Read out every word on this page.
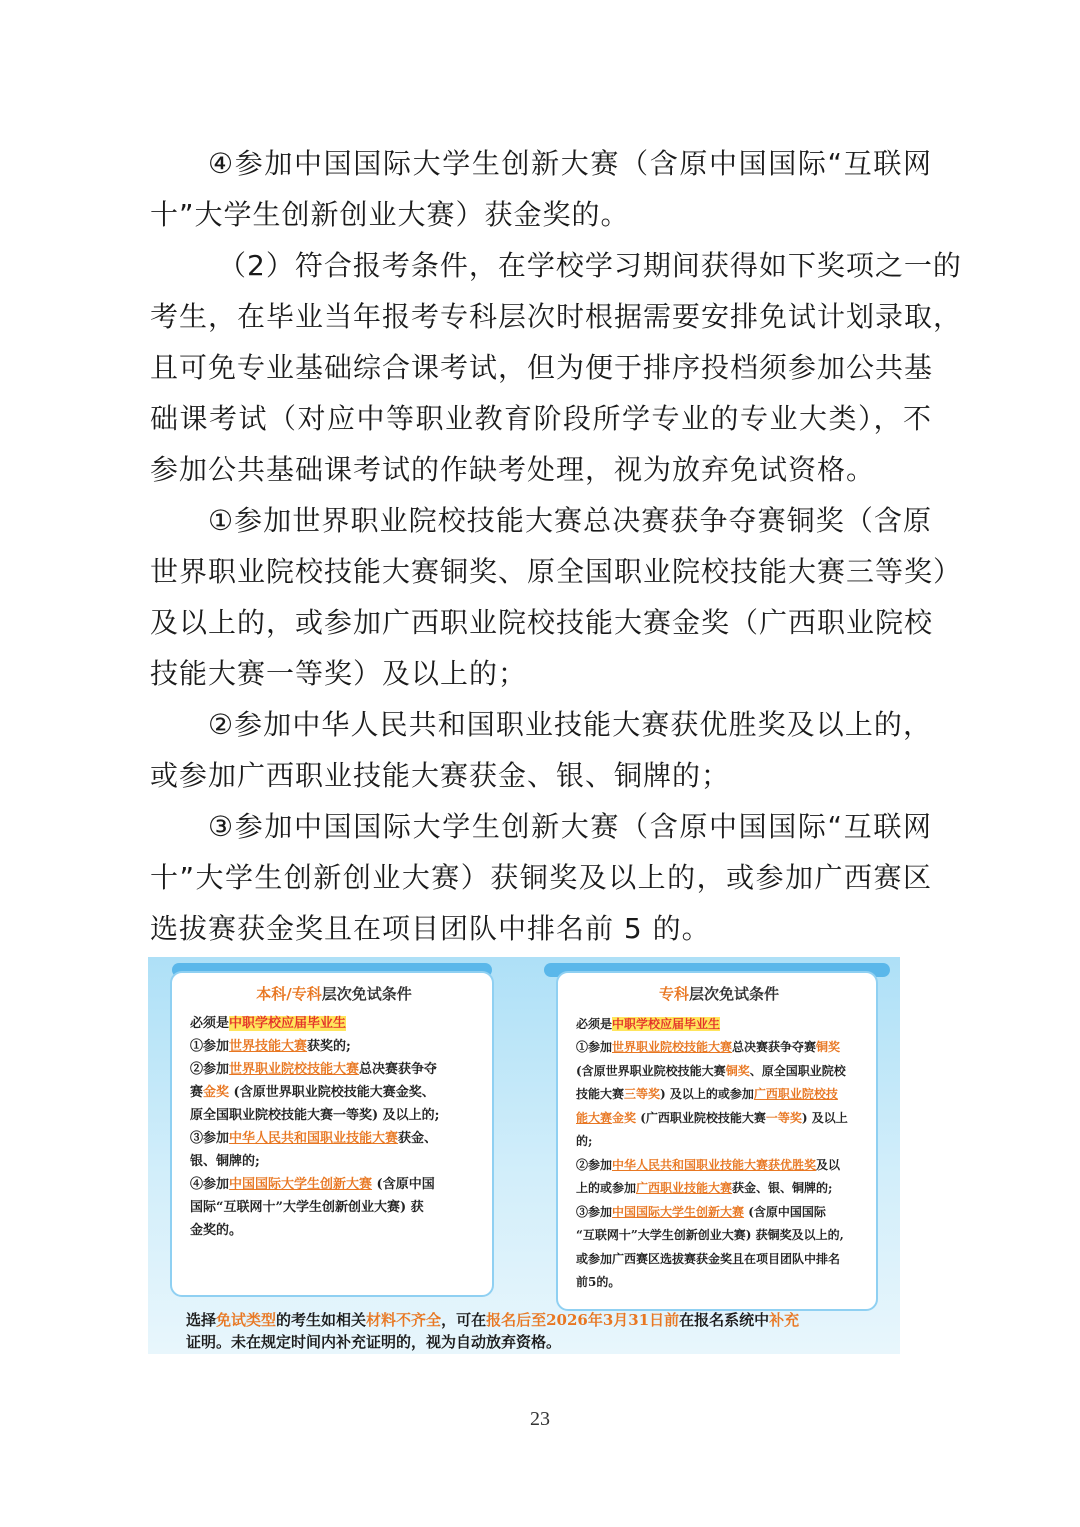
④参加中国国际大学生创新大赛（含原中国国际“互联网
十”大学生创新创业大赛）获金奖的。
（2）符合报考条件，在学校学习期间获得如下奖项之一的
考生，在毕业当年报考专科层次时根据需要安排免试计划录取，
且可免专业基础综合课考试，但为便于排序投档须参加公共基
础课考试（对应中等职业教育阶段所学专业的专业大类），不
参加公共基础课考试的作缺考处理，视为放弃免试资格。
①参加世界职业院校技能大赛总决赛获争夺赛铜奖（含原
世界职业院校技能大赛铜奖、原全国职业院校技能大赛三等奖）
及以上的，或参加广西职业院校技能大赛金奖（广西职业院校
技能大赛一等奖）及以上的；
②参加中华人民共和国职业技能大赛获优胜奖及以上的，
或参加广西职业技能大赛获金、银、铜牌的；
③参加中国国际大学生创新大赛（含原中国国际“互联网
十”大学生创新创业大赛）获铜奖及以上的，或参加广西赛区
选拔赛获金奖且在项目团队中排名前 5 的。
本科/专科层次免试条件
必须是中职学校应届毕业生
①参加世界技能大赛获奖的;
②参加世界职业院校技能大赛总决赛获争夺
赛金奖 (含原世界职业院校技能大赛金奖、
原全国职业院校技能大赛一等奖) 及以上的;
③参加中华人民共和国职业技能大赛获金、
银、铜牌的;
④参加中国国际大学生创新大赛 (含原中国
国际“互联网十”大学生创新创业大赛) 获
金奖的。
专科层次免试条件
必须是中职学校应届毕业生
①参加世界职业院校技能大赛总决赛获争夺赛铜奖
(含原世界职业院校技能大赛铜奖、原全国职业院校
技能大赛三等奖) 及以上的或参加广西职业院校技
能大赛金奖 (广西职业院校技能大赛一等奖) 及以上
的;
②参加中华人民共和国职业技能大赛获优胜奖及以
上的或参加广西职业技能大赛获金、银、铜牌的;
③参加中国国际大学生创新大赛 (含原中国国际
“互联网十”大学生创新创业大赛) 获铜奖及以上的,
或参加广西赛区选拔赛获金奖且在项目团队中排名
前5的。
选择免试类型的考生如相关材料不齐全，可在报名后至2026年3月31日前在报名系统中补充
证明。未在规定时间内补充证明的，视为自动放弃资格。
23
